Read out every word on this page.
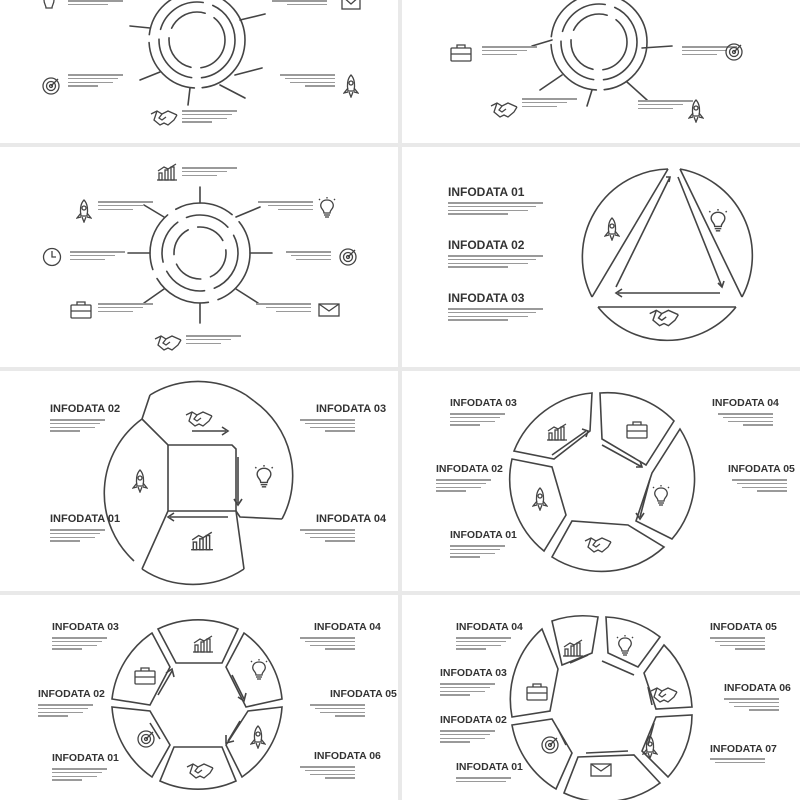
INFODATA 01
INFODATA 02
INFODATA 03
INFODATA 02	INFODATA 03
INFODATA 01	INFODATA 04
INFODATA 03	INFODATA 04
INFODATA 02	INFODATA 05
INFODATA 01
INFODATA 03	INFODATA 04
INFODATA 02	INFODATA 05
INFODATA 01	INFODATA 06
INFODATA 04	INFODATA 05
INFODATA 03
INFODATA 06
INFODATA 02
INFODATA 07
INFODATA 01
